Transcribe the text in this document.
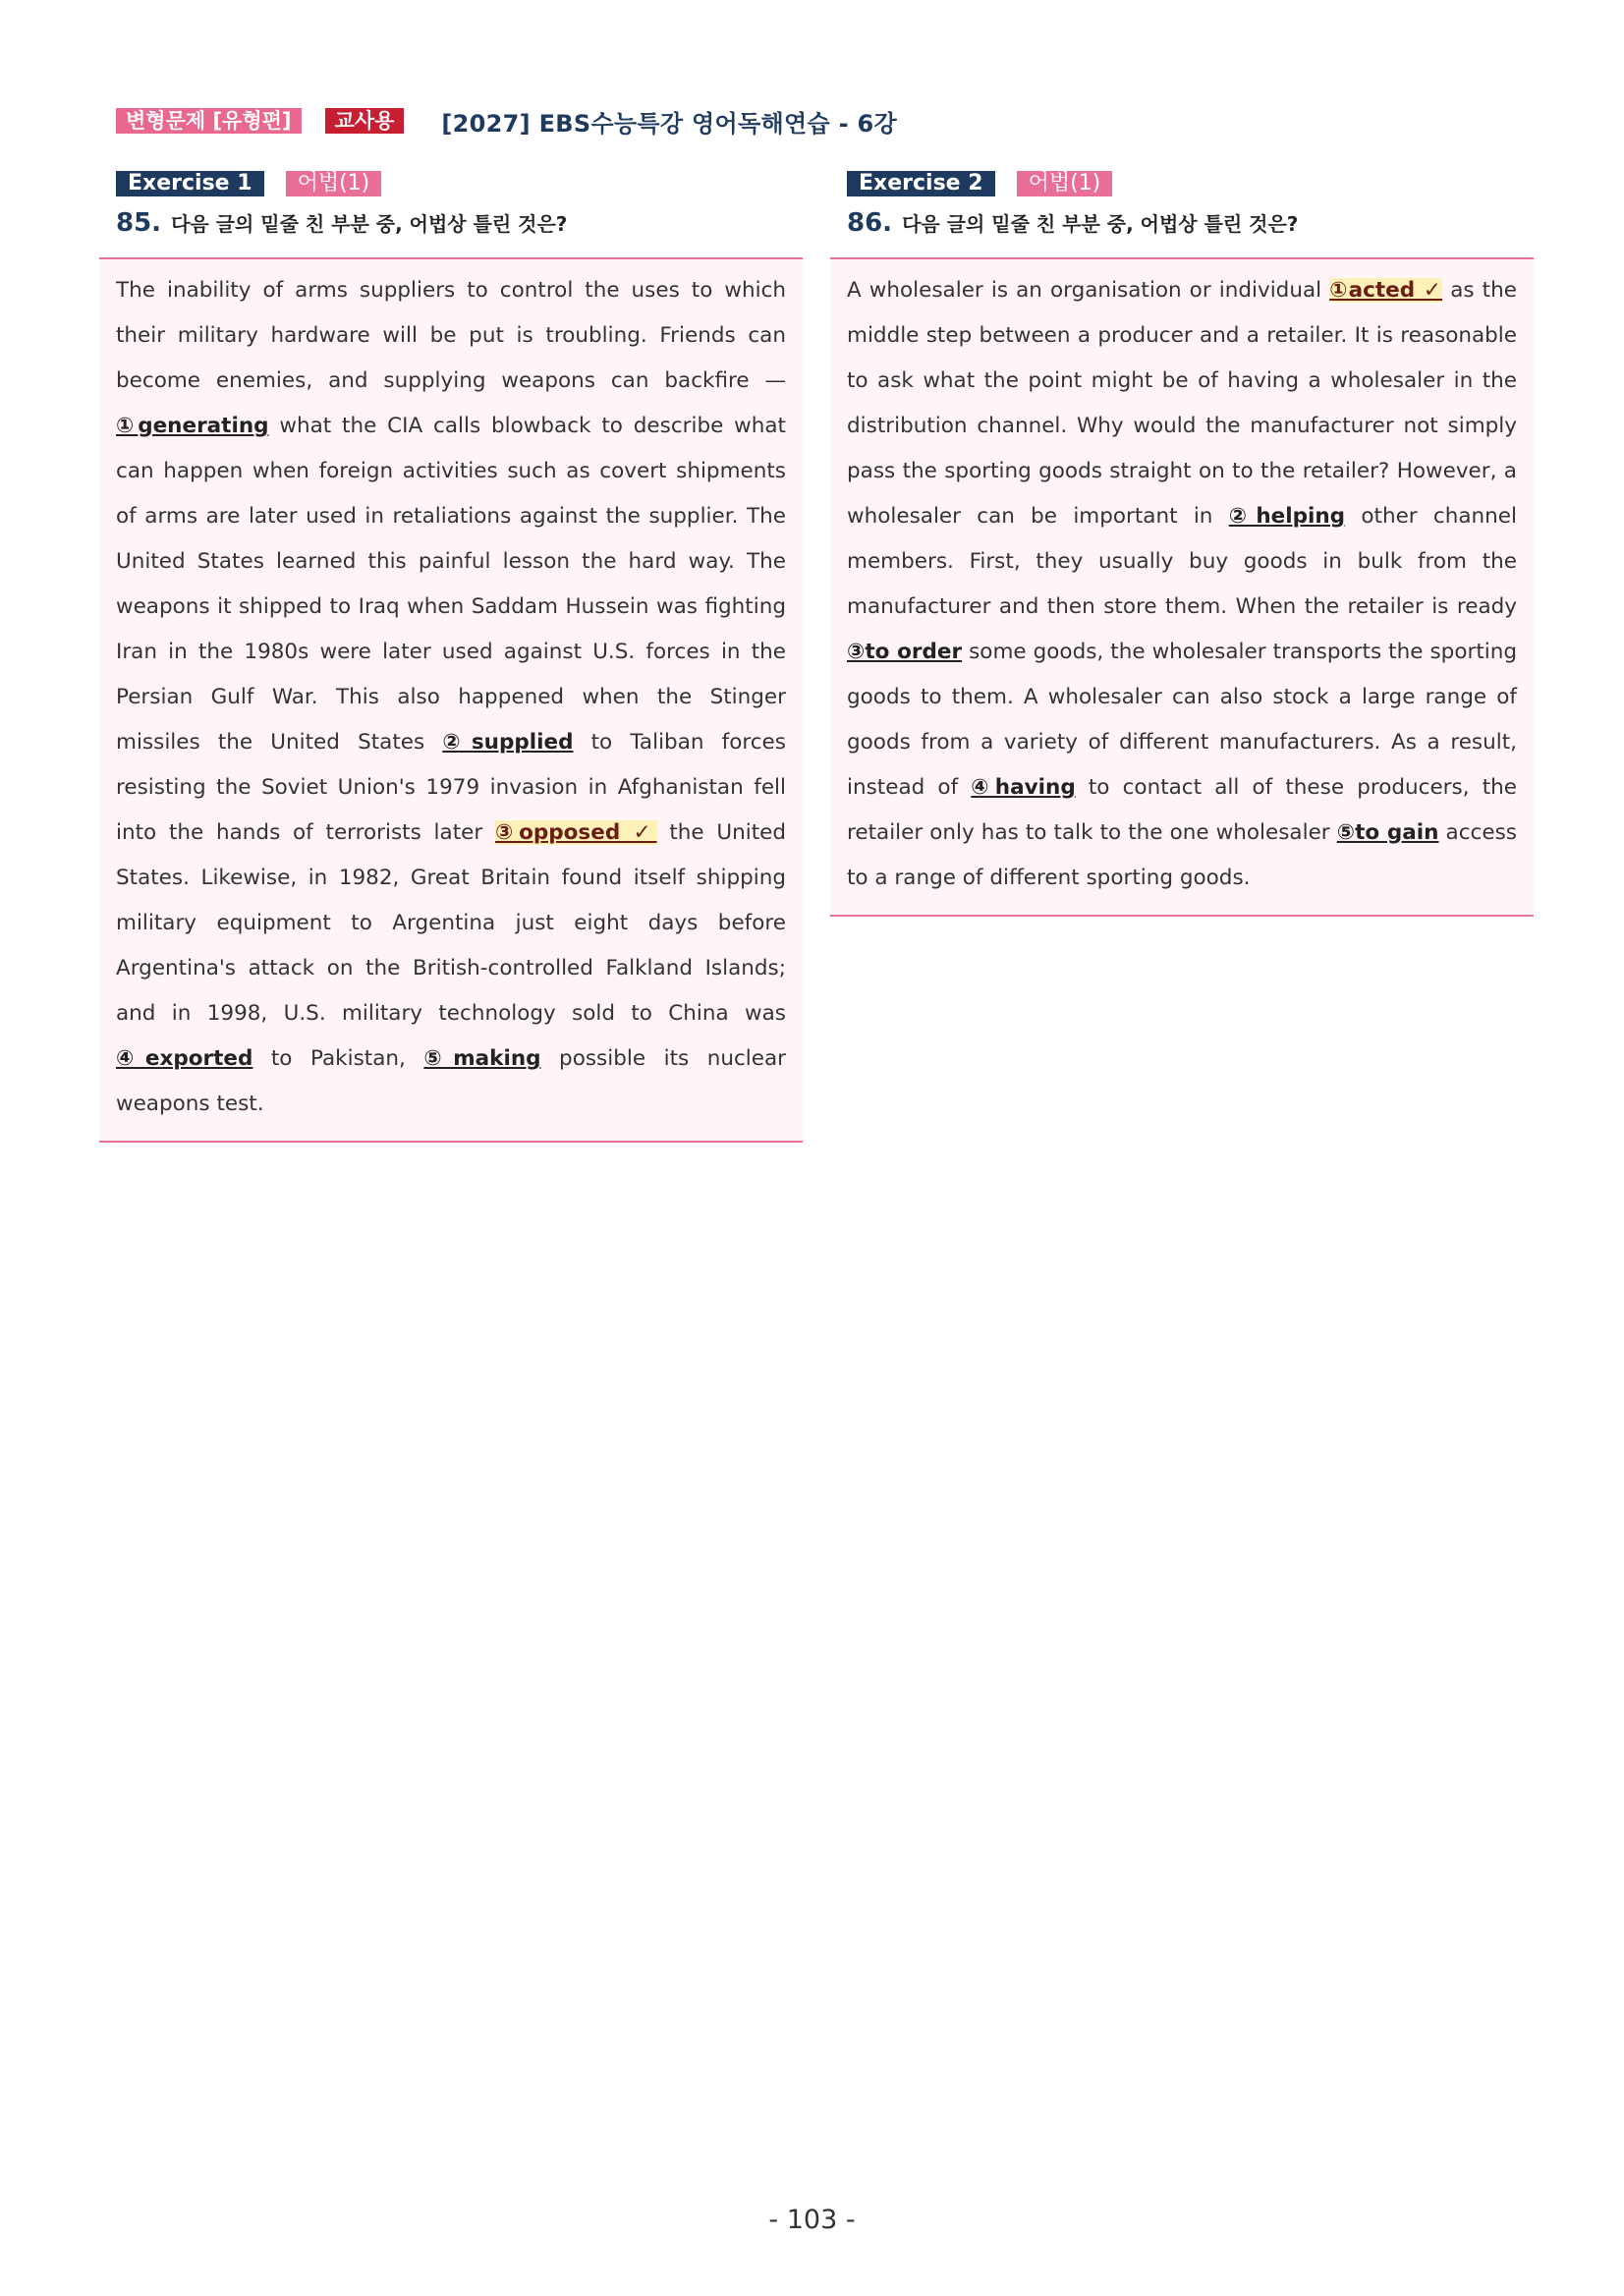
변형문제 [유형편]	교사용	[2027] EBS수능특강 영어독해연습 - 6강
Exercise 1	어법(1)
85. 다음 글의 밑줄 친 부분 중, 어법상 틀린 것은?
The inability of arms suppliers to control the uses to which their military hardware will be put is troubling. Friends can become enemies, and supplying weapons can backfire — ①generating what the CIA calls blowback to describe what can happen when foreign activities such as covert shipments of arms are later used in retaliations against the supplier. The United States learned this painful lesson the hard way. The weapons it shipped to Iraq when Saddam Hussein was fighting Iran in the 1980s were later used against U.S. forces in the Persian Gulf War. This also happened when the Stinger missiles the United States ②supplied to Taliban forces resisting the Soviet Union's 1979 invasion in Afghanistan fell into the hands of terrorists later ③opposed ✓ the United States. Likewise, in 1982, Great Britain found itself shipping military equipment to Argentina just eight days before Argentina's attack on the British-controlled Falkland Islands; and in 1998, U.S. military technology sold to China was ④exported to Pakistan, ⑤making possible its nuclear weapons test.
Exercise 2	어법(1)
86. 다음 글의 밑줄 친 부분 중, 어법상 틀린 것은?
A wholesaler is an organisation or individual ①acted ✓ as the middle step between a producer and a retailer. It is reasonable to ask what the point might be of having a wholesaler in the distribution channel. Why would the manufacturer not simply pass the sporting goods straight on to the retailer? However, a wholesaler can be important in ②helping other channel members. First, they usually buy goods in bulk from the manufacturer and then store them. When the retailer is ready ③to order some goods, the wholesaler transports the sporting goods to them. A wholesaler can also stock a large range of goods from a variety of different manufacturers. As a result, instead of ④having to contact all of these producers, the retailer only has to talk to the one wholesaler ⑤to gain access to a range of different sporting goods.
- 103 -
